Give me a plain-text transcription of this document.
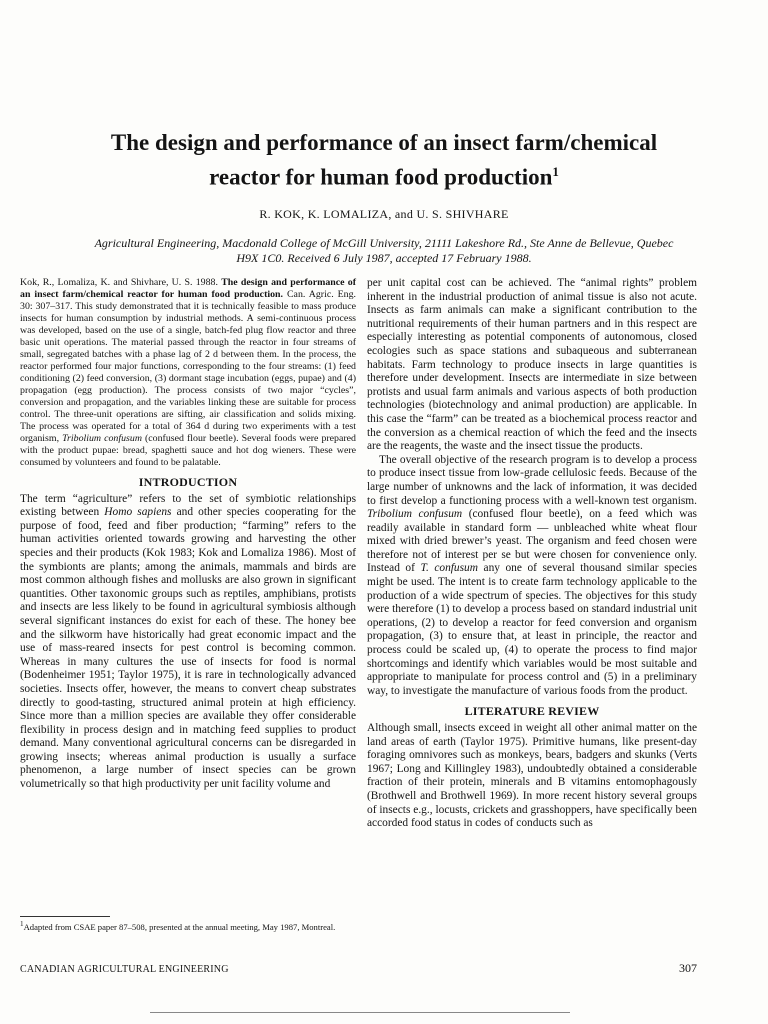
The design and performance of an insect farm/chemical
reactor for human food production$^1$
R. KOK, K. LOMALIZA, and U. S. SHIVHARE
Agricultural Engineering, Macdonald College of McGill University, 21111 Lakeshore Rd., Ste Anne de Bellevue, Quebec
H9X 1C0. Received 6 July 1987, accepted 17 February 1988.

Kok, R., Lomaliza, K. and Shivhare, U. S. 1988. The design and performance of an insect farm/chemical reactor for human food production. Can. Agric. Eng. 30: 307–317. This study demonstrated that it is technically feasible to mass produce insects for human consumption by industrial methods. A semi-continuous process was developed, based on the use of a single, batch-fed plug flow reactor and three basic unit operations. The material passed through the reactor in four streams of small, segregated batches with a phase lag of 2 d between them. In the process, the reactor performed four major functions, corresponding to the four streams: (1) feed conditioning (2) feed conversion, (3) dormant stage incubation (eggs, pupae) and (4) propagation (egg production). The process consists of two major “cycles”, conversion and propagation, and the variables linking these are suitable for process control. The three-unit operations are sifting, air classification and solids mixing. The process was operated for a total of 364 d during two experiments with a test organism, Tribolium confusum (confused flour beetle). Several foods were prepared with the product pupae: bread, spaghetti sauce and hot dog wieners. These were consumed by volunteers and found to be palatable.

INTRODUCTION

The term “agriculture” refers to the set of symbiotic relationships existing between Homo sapiens and other species cooperating for the purpose of food, feed and fiber production; “farming” refers to the human activities oriented towards growing and harvesting the other species and their products (Kok 1983; Kok and Lomaliza 1986). Most of the symbionts are plants; among the animals, mammals and birds are most common although fishes and mollusks are also grown in significant quantities. Other taxonomic groups such as reptiles, amphibians, protists and insects are less likely to be found in agricultural symbiosis although several significant instances do exist for each of these. The honey bee and the silkworm have historically had great economic impact and the use of mass-reared insects for pest control is becoming common. Whereas in many cultures the use of insects for food is normal (Bodenheimer 1951; Taylor 1975), it is rare in technologically advanced societies. Insects offer, however, the means to convert cheap substrates directly to good-tasting, structured animal protein at high efficiency. Since more than a million species are available they offer considerable flexibility in process design and in matching feed supplies to product demand. Many conventional agricultural concerns can be disregarded in growing insects; whereas animal production is usually a surface phenomenon, a large number of insect species can be grown volumetrically so that high productivity per unit facility volume and

per unit capital cost can be achieved. The “animal rights” problem inherent in the industrial production of animal tissue is also not acute. Insects as farm animals can make a significant contribution to the nutritional requirements of their human partners and in this respect are especially interesting as potential components of autonomous, closed ecologies such as space stations and subaqueous and subterranean habitats. Farm technology to produce insects in large quantities is therefore under development. Insects are intermediate in size between protists and usual farm animals and various aspects of both production technologies (biotechnology and animal production) are applicable. In this case the “farm” can be treated as a biochemical process reactor and the conversion as a chemical reaction of which the feed and the insects are the reagents, the waste and the insect tissue the products.

The overall objective of the research program is to develop a process to produce insect tissue from low-grade cellulosic feeds. Because of the large number of unknowns and the lack of information, it was decided to first develop a functioning process with a well-known test organism. Tribolium confusum (confused flour beetle), on a feed which was readily available in standard form — unbleached white wheat flour mixed with dried brewer’s yeast. The organism and feed chosen were therefore not of interest per se but were chosen for convenience only. Instead of T. confusum any one of several thousand similar species might be used. The intent is to create farm technology applicable to the production of a wide spectrum of species. The objectives for this study were therefore (1) to develop a process based on standard industrial unit operations, (2) to develop a reactor for feed conversion and organism propagation, (3) to ensure that, at least in principle, the reactor and process could be scaled up, (4) to operate the process to find major shortcomings and identify which variables would be most suitable and appropriate to manipulate for process control and (5) in a preliminary way, to investigate the manufacture of various foods from the product.

LITERATURE REVIEW

Although small, insects exceed in weight all other animal matter on the land areas of earth (Taylor 1975). Primitive humans, like present-day foraging omnivores such as monkeys, bears, badgers and skunks (Verts 1967; Long and Killingley 1983), undoubtedly obtained a considerable fraction of their protein, minerals and B vitamins entomophagously (Brothwell and Brothwell 1969). In more recent history several groups of insects e.g., locusts, crickets and grasshoppers, have specifically been accorded food status in codes of conducts such as

$^1$Adapted from CSAE paper 87–508, presented at the annual meeting, May 1987, Montreal.
CANADIAN AGRICULTURAL ENGINEERING	307
